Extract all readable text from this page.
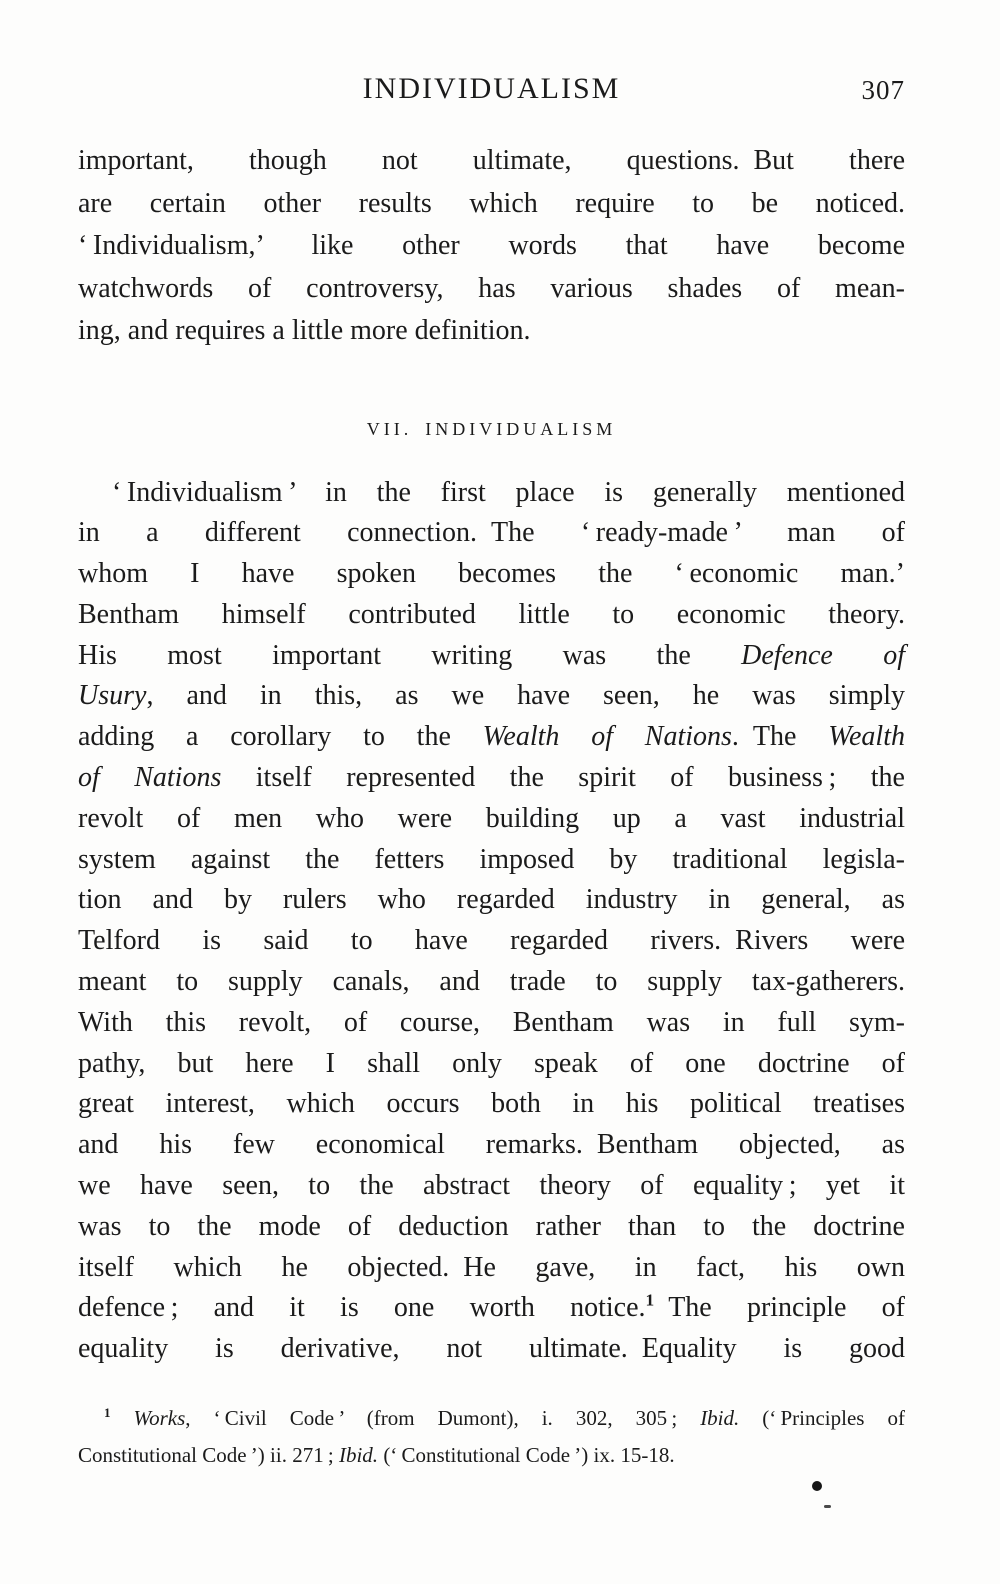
INDIVIDUALISM	307
important, though not ultimate, questions. But there
are certain other results which require to be noticed.
‘ Individualism,’ like other words that have become
watchwords of controversy, has various shades of mean-
ing, and requires a little more definition.
VII. INDIVIDUALISM
‘ Individualism ’ in the first place is generally mentioned
in a different connection. The ‘ ready-made ’ man of
whom I have spoken becomes the ‘ economic man.’
Bentham himself contributed little to economic theory.
His most important writing was the Defence of
Usury, and in this, as we have seen, he was simply
adding a corollary to the Wealth of Nations. The Wealth
of Nations itself represented the spirit of business ; the
revolt of men who were building up a vast industrial
system against the fetters imposed by traditional legisla-
tion and by rulers who regarded industry in general, as
Telford is said to have regarded rivers. Rivers were
meant to supply canals, and trade to supply tax-gatherers.
With this revolt, of course, Bentham was in full sym-
pathy, but here I shall only speak of one doctrine of
great interest, which occurs both in his political treatises
and his few economical remarks. Bentham objected, as
we have seen, to the abstract theory of equality ; yet it
was to the mode of deduction rather than to the doctrine
itself which he objected. He gave, in fact, his own
defence ; and it is one worth notice.$^1$ The principle of
equality is derivative, not ultimate. Equality is good
$^1$ Works, ‘ Civil Code ’ (from Dumont), i. 302, 305 ; Ibid. (‘ Principles of
Constitutional Code ’) ii. 271 ; Ibid. (‘ Constitutional Code ’) ix. 15-18.
